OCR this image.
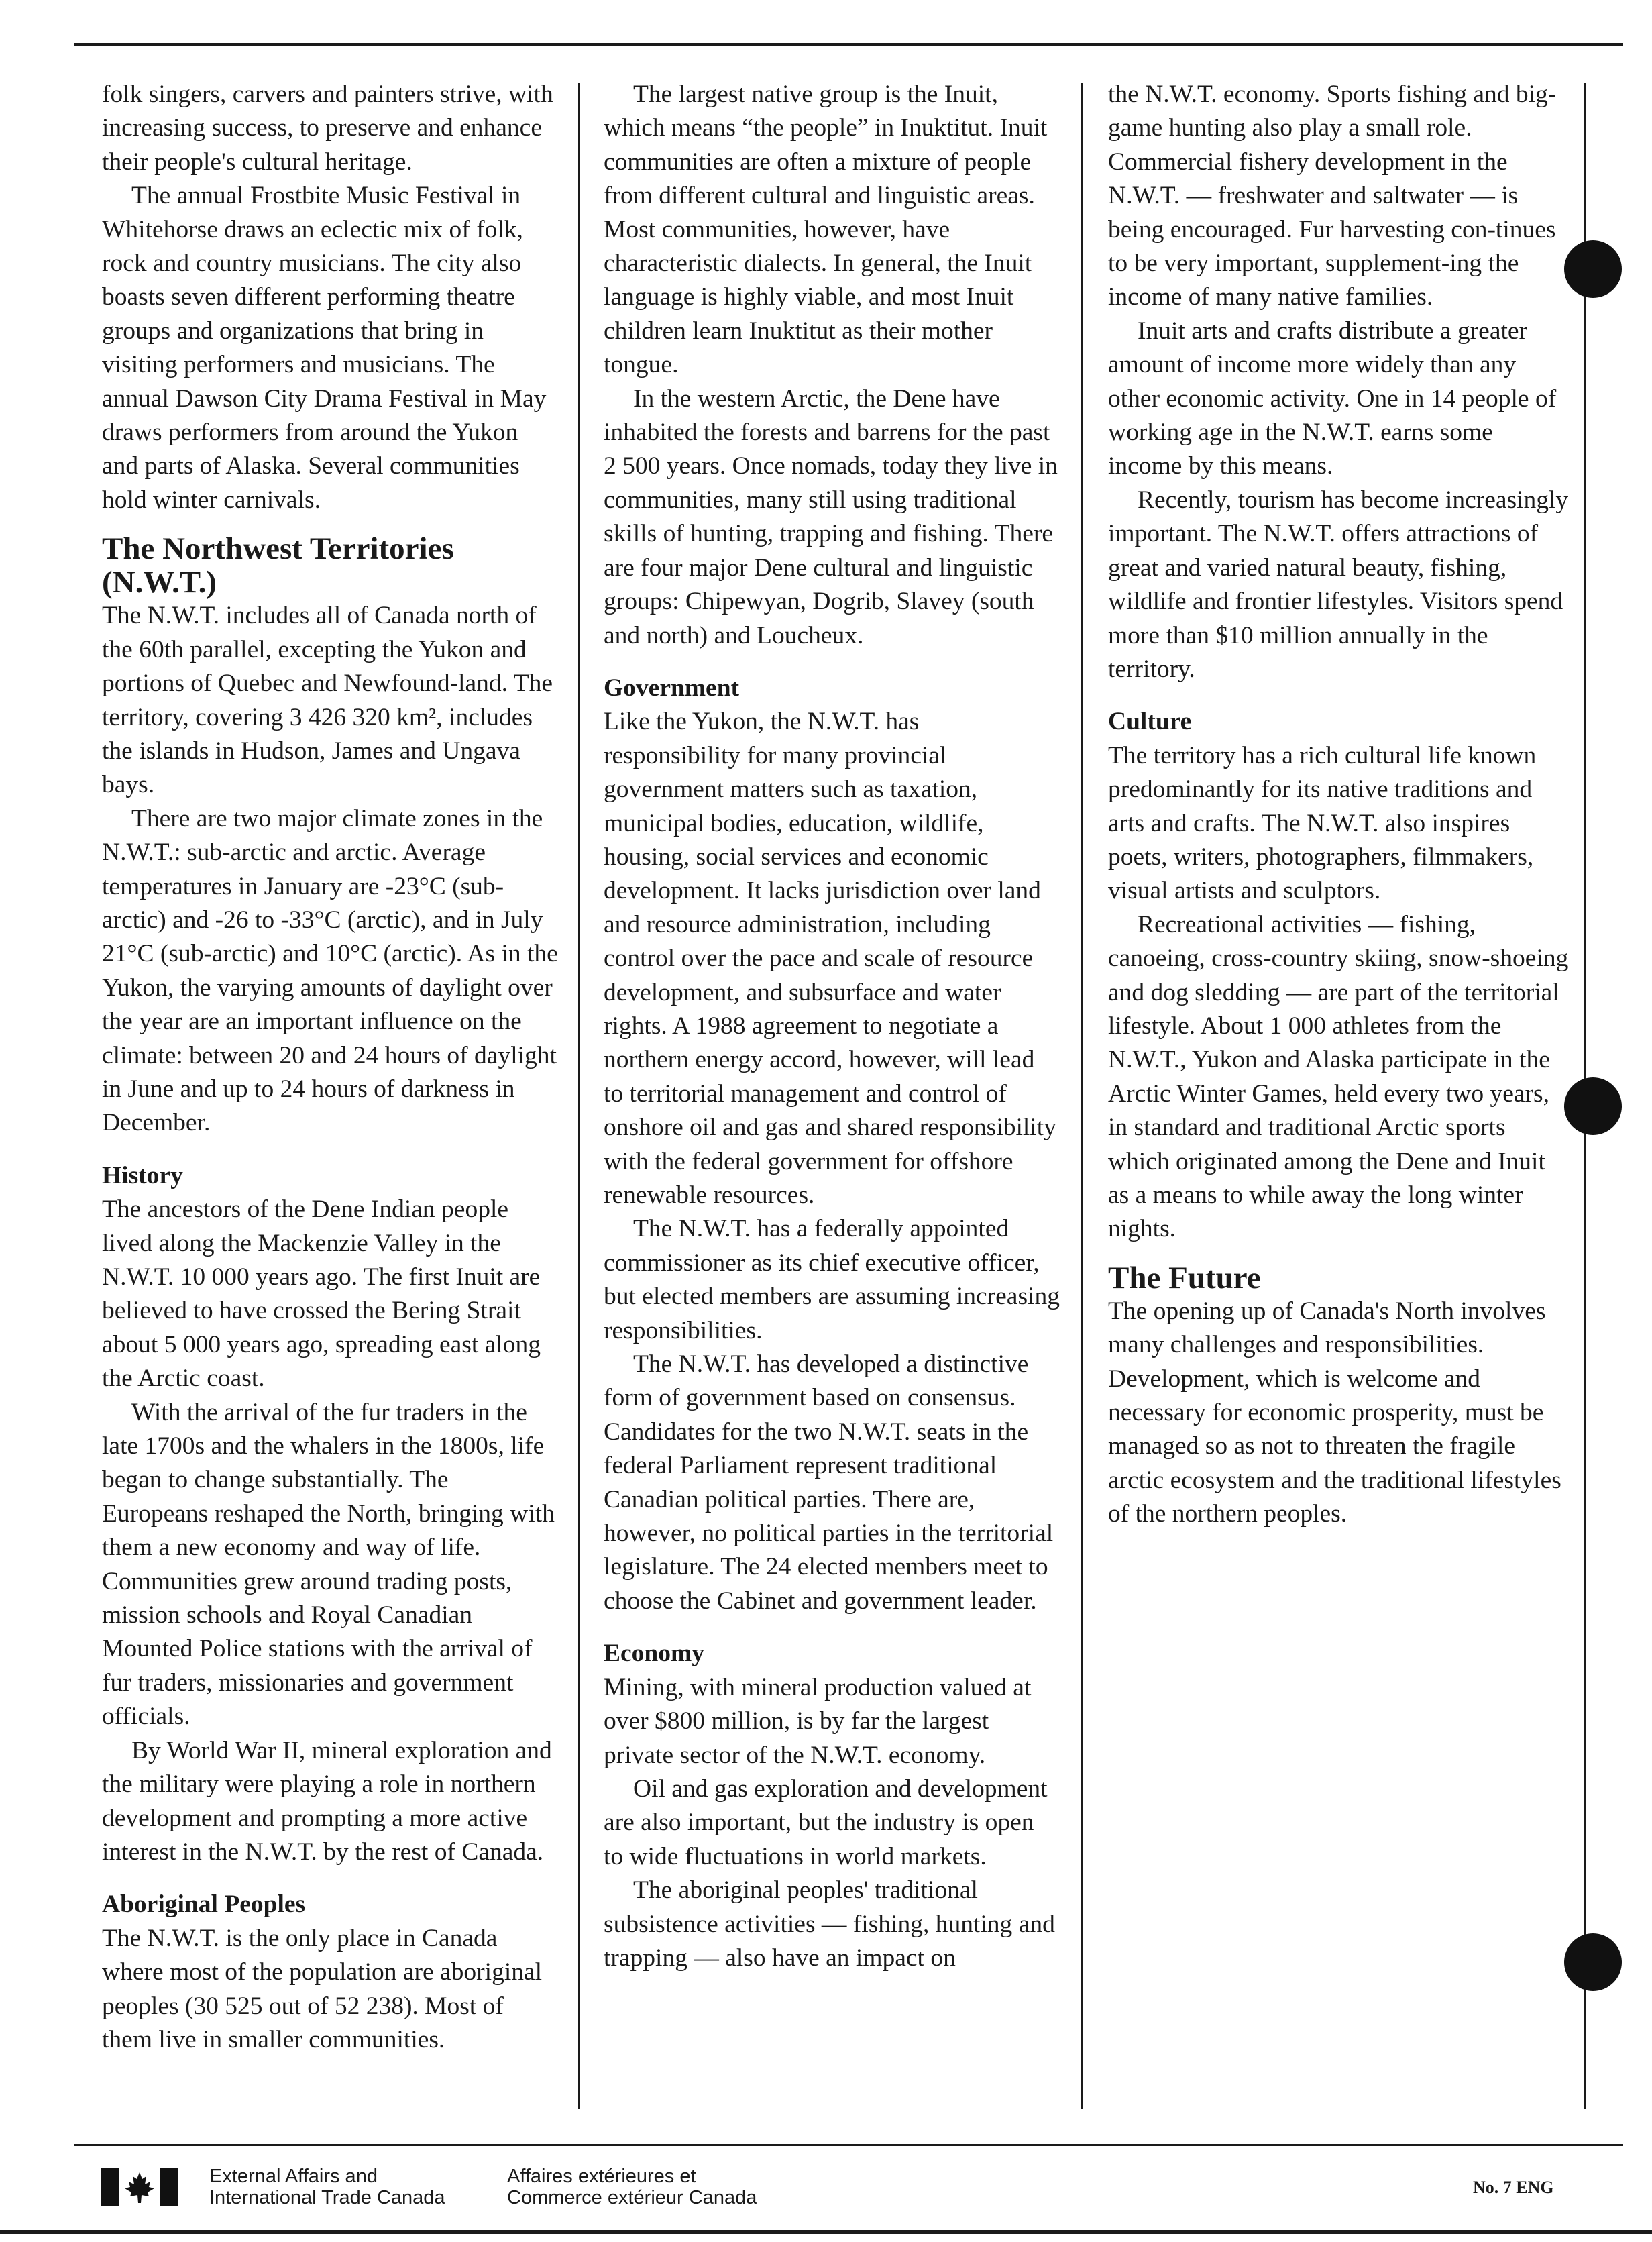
folk singers, carvers and painters strive, with increasing success, to preserve and enhance their people's cultural heritage.

The annual Frostbite Music Festival in Whitehorse draws an eclectic mix of folk, rock and country musicians. The city also boasts seven different performing theatre groups and organizations that bring in visiting performers and musicians. The annual Dawson City Drama Festival in May draws performers from around the Yukon and parts of Alaska. Several communities hold winter carnivals.

The Northwest Territories (N.W.T.)

The N.W.T. includes all of Canada north of the 60th parallel, excepting the Yukon and portions of Quebec and Newfound-land. The territory, covering 3 426 320 km², includes the islands in Hudson, James and Ungava bays.

There are two major climate zones in the N.W.T.: sub-arctic and arctic. Average temperatures in January are -23°C (sub-arctic) and -26 to -33°C (arctic), and in July 21°C (sub-arctic) and 10°C (arctic). As in the Yukon, the varying amounts of daylight over the year are an important influence on the climate: between 20 and 24 hours of daylight in June and up to 24 hours of darkness in December.

History

The ancestors of the Dene Indian people lived along the Mackenzie Valley in the N.W.T. 10 000 years ago. The first Inuit are believed to have crossed the Bering Strait about 5 000 years ago, spreading east along the Arctic coast.

With the arrival of the fur traders in the late 1700s and the whalers in the 1800s, life began to change substantially. The Europeans reshaped the North, bringing with them a new economy and way of life. Communities grew around trading posts, mission schools and Royal Canadian Mounted Police stations with the arrival of fur traders, missionaries and government officials.

By World War II, mineral exploration and the military were playing a role in northern development and prompting a more active interest in the N.W.T. by the rest of Canada.

Aboriginal Peoples

The N.W.T. is the only place in Canada where most of the population are aboriginal peoples (30 525 out of 52 238). Most of them live in smaller communities.

The largest native group is the Inuit, which means “the people” in Inuktitut. Inuit communities are often a mixture of people from different cultural and linguistic areas. Most communities, however, have characteristic dialects. In general, the Inuit language is highly viable, and most Inuit children learn Inuktitut as their mother tongue.

In the western Arctic, the Dene have inhabited the forests and barrens for the past 2 500 years. Once nomads, today they live in communities, many still using traditional skills of hunting, trapping and fishing. There are four major Dene cultural and linguistic groups: Chipewyan, Dogrib, Slavey (south and north) and Loucheux.

Government

Like the Yukon, the N.W.T. has responsibility for many provincial government matters such as taxation, municipal bodies, education, wildlife, housing, social services and economic development. It lacks jurisdiction over land and resource administration, including control over the pace and scale of resource development, and subsurface and water rights. A 1988 agreement to negotiate a northern energy accord, however, will lead to territorial management and control of onshore oil and gas and shared responsibility with the federal government for offshore renewable resources.

The N.W.T. has a federally appointed commissioner as its chief executive officer, but elected members are assuming increasing responsibilities.

The N.W.T. has developed a distinctive form of government based on consensus. Candidates for the two N.W.T. seats in the federal Parliament represent traditional Canadian political parties. There are, however, no political parties in the territorial legislature. The 24 elected members meet to choose the Cabinet and government leader.

Economy

Mining, with mineral production valued at over $800 million, is by far the largest private sector of the N.W.T. economy.

Oil and gas exploration and development are also important, but the industry is open to wide fluctuations in world markets.

The aboriginal peoples' traditional subsistence activities — fishing, hunting and trapping — also have an impact on

the N.W.T. economy. Sports fishing and big-game hunting also play a small role. Commercial fishery development in the N.W.T. — freshwater and saltwater — is being encouraged. Fur harvesting con-tinues to be very important, supplement-ing the income of many native families.

Inuit arts and crafts distribute a greater amount of income more widely than any other economic activity. One in 14 people of working age in the N.W.T. earns some income by this means.

Recently, tourism has become increasingly important. The N.W.T. offers attractions of great and varied natural beauty, fishing, wildlife and frontier lifestyles. Visitors spend more than $10 million annually in the territory.

Culture

The territory has a rich cultural life known predominantly for its native traditions and arts and crafts. The N.W.T. also inspires poets, writers, photographers, filmmakers, visual artists and sculptors.

Recreational activities — fishing, canoeing, cross-country skiing, snow-shoeing and dog sledding — are part of the territorial lifestyle. About 1 000 athletes from the N.W.T., Yukon and Alaska participate in the Arctic Winter Games, held every two years, in standard and traditional Arctic sports which originated among the Dene and Inuit as a means to while away the long winter nights.

The Future

The opening up of Canada's North involves many challenges and responsibilities. Development, which is welcome and necessary for economic prosperity, must be managed so as not to threaten the fragile arctic ecosystem and the traditional lifestyles of the northern peoples.

External Affairs and
International Trade Canada
Affaires extérieures et
Commerce extérieur Canada	No. 7 ENG
